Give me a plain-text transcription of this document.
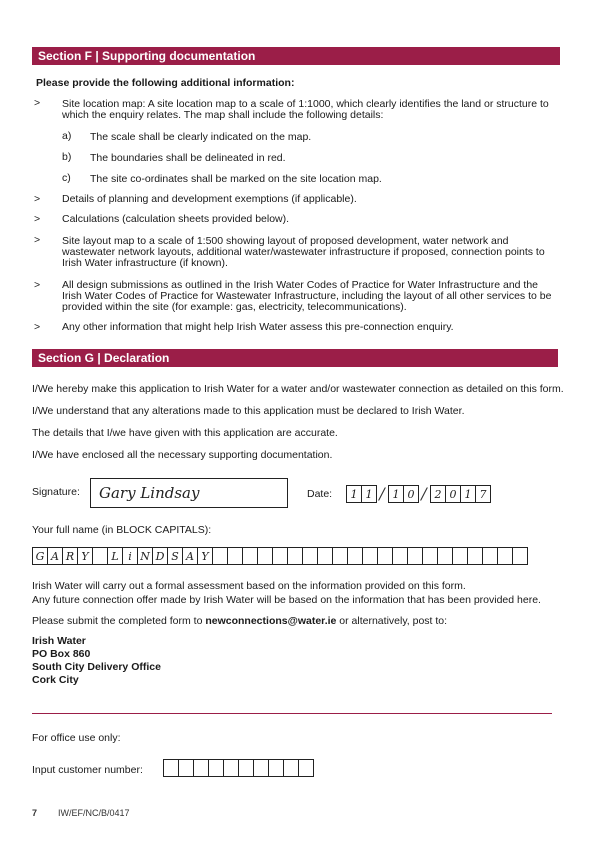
Section F | Supporting documentation
Please provide the following additional information:
>	Site location map: A site location map to a scale of 1:1000, which clearly identifies the land or structure to which the enquiry relates. The map shall include the following details:
a)	The scale shall be clearly indicated on the map.
b)	The boundaries shall be delineated in red.
c)	The site co-ordinates shall be marked on the site location map.
>	Details of planning and development exemptions (if applicable).
>	Calculations (calculation sheets provided below).
>	Site layout map to a scale of 1:500 showing layout of proposed development, water network and wastewater network layouts, additional water/wastewater infrastructure if proposed, connection points to Irish Water infrastructure (if known).
>	All design submissions as outlined in the Irish Water Codes of Practice for Water Infrastructure and the Irish Water Codes of Practice for Wastewater Infrastructure, including the layout of all other services to be provided within the site (for example: gas, electricity, telecommunications).
>	Any other information that might help Irish Water assess this pre-connection enquiry.
Section G | Declaration
I/We hereby make this application to Irish Water for a water and/or wastewater connection as detailed on this form.
I/We understand that any alterations made to this application must be declared to Irish Water.
The details that I/we have given with this application are accurate.
I/We have enclosed all the necessary supporting documentation.
Signature:	Gary Lindsay	Date:	1 1 / 1 0 / 2 0 1 7
Your full name (in BLOCK CAPITALS):
G A R Y	L i N D S A Y
Irish Water will carry out a formal assessment based on the information provided on this form.
Any future connection offer made by Irish Water will be based on the information that has been provided here.
Please submit the completed form to newconnections@water.ie or alternatively, post to:
Irish Water
PO Box 860
South City Delivery Office
Cork City
For office use only:
Input customer number:
7 IW/EF/NC/B/0417
